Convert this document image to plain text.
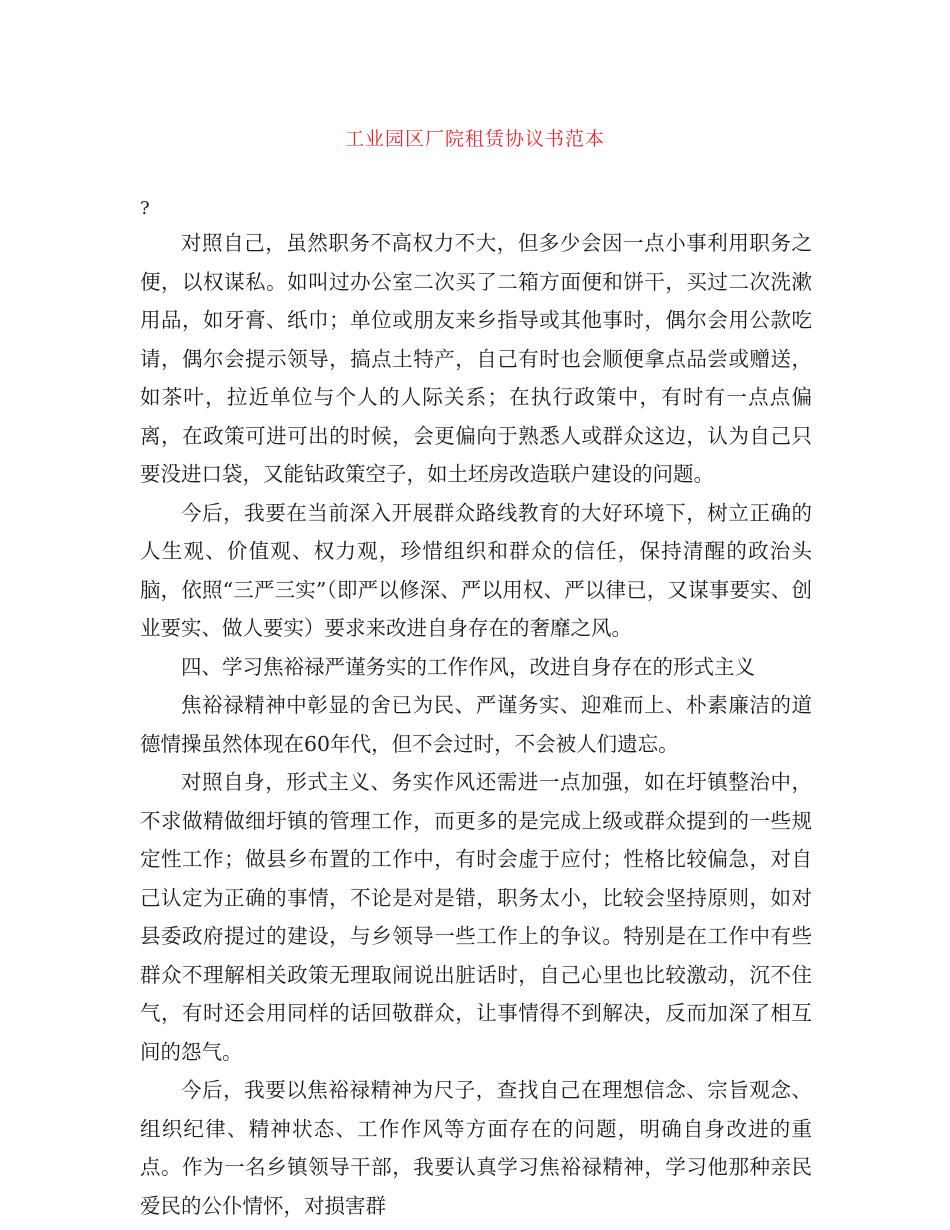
工业园区厂院租赁协议书范本
?

对照自己，虽然职务不高权力不大，但多少会因一点小事利用职务之便，以权谋私。如叫过办公室二次买了二箱方面便和饼干，买过二次洗漱用品，如牙膏、纸巾；单位或朋友来乡指导或其他事时，偶尔会用公款吃请，偶尔会提示领导，搞点土特产，自己有时也会顺便拿点品尝或赠送，如茶叶，拉近单位与个人的人际关系；在执行政策中，有时有一点点偏离，在政策可进可出的时候，会更偏向于熟悉人或群众这边，认为自己只要没进口袋，又能钻政策空子，如土坯房改造联户建设的问题。

今后，我要在当前深入开展群众路线教育的大好环境下，树立正确的人生观、价值观、权力观，珍惜组织和群众的信任，保持清醒的政治头脑，依照“三严三实”（即严以修深、严以用权、严以律已，又谋事要实、创业要实、做人要实）要求来改进自身存在的奢靡之风。

四、学习焦裕禄严谨务实的工作作风，改进自身存在的形式主义

焦裕禄精神中彰显的舍已为民、严谨务实、迎难而上、朴素廉洁的道德情操虽然体现在60年代，但不会过时，不会被人们遗忘。

对照自身，形式主义、务实作风还需进一点加强，如在圩镇整治中，不求做精做细圩镇的管理工作，而更多的是完成上级或群众提到的一些规定性工作；做县乡布置的工作中，有时会虚于应付；性格比较偏急，对自己认定为正确的事情，不论是对是错，职务太小，比较会坚持原则，如对县委政府提过的建设，与乡领导一些工作上的争议。特别是在工作中有些群众不理解相关政策无理取闹说出脏话时，自己心里也比较激动，沉不住气，有时还会用同样的话回敬群众，让事情得不到解决，反而加深了相互间的怨气。

今后，我要以焦裕禄精神为尺子，查找自己在理想信念、宗旨观念、组织纪律、精神状态、工作作风等方面存在的问题，明确自身改进的重点。作为一名乡镇领导干部，我要认真学习焦裕禄精神，学习他那种亲民爱民的公仆情怀，对损害群
